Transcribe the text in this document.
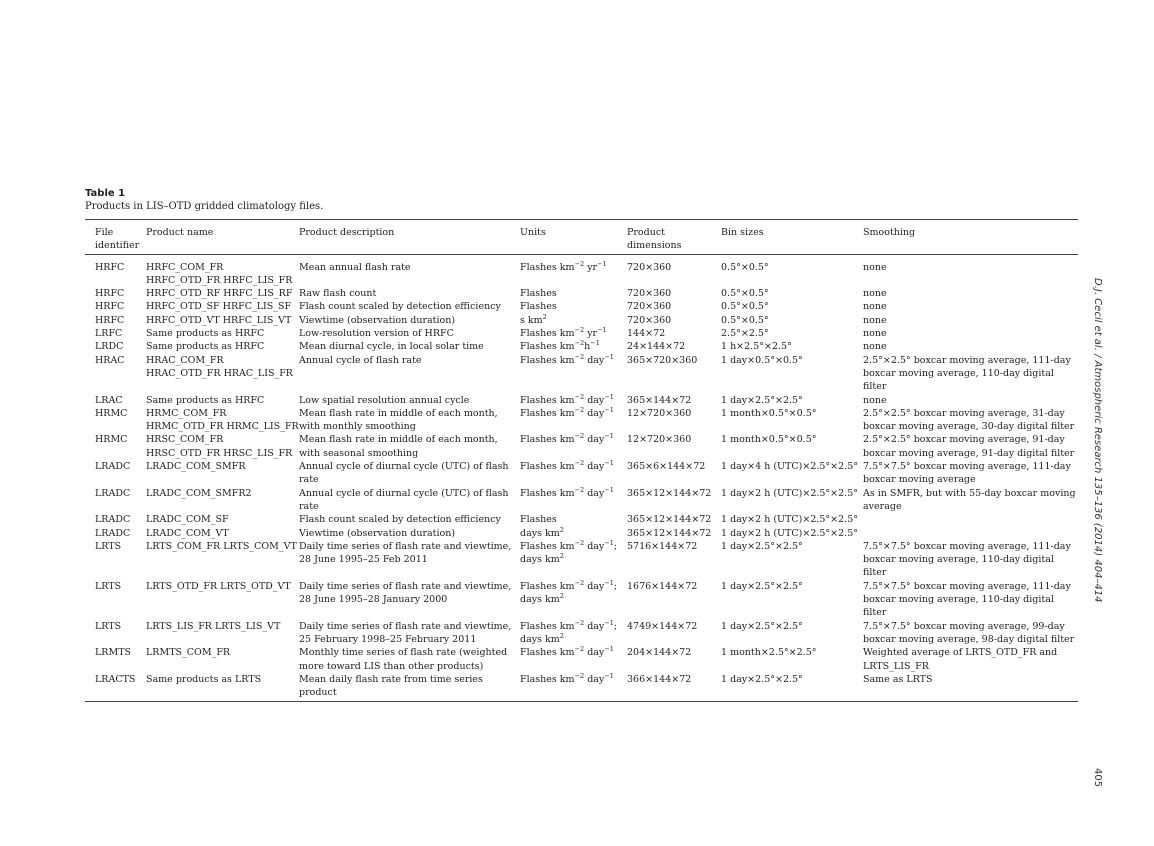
Table 1
Products in LIS–OTD gridded climatology files.
File identifier	Product name	Product description	Units	Product dimensions	Bin sizes	Smoothing
HRFC	HRFC_COM_FR HRFC_OTD_FR HRFC_LIS_FR	Mean annual flash rate	Flashes $km^{-2}$ $yr^{-1}$	720×360	0.5°×0.5°	none
HRFC	HRFC_OTD_RF HRFC_LIS_RF	Raw flash count	Flashes	720×360	0.5°×0.5°	none
HRFC	HRFC_OTD_SF HRFC_LIS_SF	Flash count scaled by detection efficiency	Flashes	720×360	0.5°×0.5°	none
HRFC	HRFC_OTD_VT HRFC_LIS_VT	Viewtime (observation duration)	s $km^2$	720×360	0.5°×0.5°	none
LRFC	Same products as HRFC	Low-resolution version of HRFC	Flashes $km^{-2}$ $yr^{-1}$	144×72	2.5°×2.5°	none
LRDC	Same products as HRFC	Mean diurnal cycle, in local solar time	Flashes $km^{-2}h^{-1}$	24×144×72	1 h×2.5°×2.5°	none
HRAC	HRAC_COM_FR HRAC_OTD_FR HRAC_LIS_FR	Annual cycle of flash rate	Flashes $km^{-2}$ day$^{-1}$	365×720×360	1 day×0.5°×0.5°	2.5°×2.5° boxcar moving average, 111-day boxcar moving average, 110-day digital filter
LRAC	Same products as HRFC	Low spatial resolution annual cycle	Flashes $km^{-2}$ day$^{-1}$	365×144×72	1 day×2.5°×2.5°	none
HRMC	HRMC_COM_FR HRMC_OTD_FR HRMC_LIS_FR	Mean flash rate in middle of each month, with monthly smoothing	Flashes $km^{-2}$ day$^{-1}$	12×720×360	1 month×0.5°×0.5°	2.5°×2.5° boxcar moving average, 31-day boxcar moving average, 30-day digital filter
HRMC	HRSC_COM_FR HRSC_OTD_FR HRSC_LIS_FR	Mean flash rate in middle of each month, with seasonal smoothing	Flashes $km^{-2}$ day$^{-1}$	12×720×360	1 month×0.5°×0.5°	2.5°×2.5° boxcar moving average, 91-day boxcar moving average, 91-day digital filter
LRADC	LRADC_COM_SMFR	Annual cycle of diurnal cycle (UTC) of flash rate	Flashes $km^{-2}$ day$^{-1}$	365×6×144×72	1 day×4 h (UTC)×2.5°×2.5°	7.5°×7.5° boxcar moving average, 111-day boxcar moving average
LRADC	LRADC_COM_SMFR2	Annual cycle of diurnal cycle (UTC) of flash rate	Flashes $km^{-2}$ day$^{-1}$	365×12×144×72	1 day×2 h (UTC)×2.5°×2.5°	As in SMFR, but with 55-day boxcar moving average
LRADC	LRADC_COM_SF	Flash count scaled by detection efficiency	Flashes	365×12×144×72	1 day×2 h (UTC)×2.5°×2.5°	
LRADC	LRADC_COM_VT	Viewtime (observation duration)	days $km^2$	365×12×144×72	1 day×2 h (UTC)×2.5°×2.5°	
LRTS	LRTS_COM_FR LRTS_COM_VT	Daily time series of flash rate and viewtime, 28 June 1995–25 Feb 2011	Flashes $km^{-2}$ day$^{-1}$; days $km^2$	5716×144×72	1 day×2.5°×2.5°	7.5°×7.5° boxcar moving average, 111-day boxcar moving average, 110-day digital filter
LRTS	LRTS_OTD_FR LRTS_OTD_VT	Daily time series of flash rate and viewtime, 28 June 1995–28 January 2000	Flashes $km^{-2}$ day$^{-1}$; days $km^2$	1676×144×72	1 day×2.5°×2.5°	7.5°×7.5° boxcar moving average, 111-day boxcar moving average, 110-day digital filter
LRTS	LRTS_LIS_FR LRTS_LIS_VT	Daily time series of flash rate and viewtime, 25 February 1998–25 February 2011	Flashes $km^{-2}$ day$^{-1}$; days $km^2$	4749×144×72	1 day×2.5°×2.5°	7.5°×7.5° boxcar moving average, 99-day boxcar moving average, 98-day digital filter
LRMTS	LRMTS_COM_FR	Monthly time series of flash rate (weighted more toward LIS than other products)	Flashes $km^{-2}$ day$^{-1}$	204×144×72	1 month×2.5°×2.5°	Weighted average of LRTS_OTD_FR and LRTS_LIS_FR
LRACTS	Same products as LRTS	Mean daily flash rate from time series product	Flashes $km^{-2}$ day$^{-1}$	366×144×72	1 day×2.5°×2.5°	Same as LRTS
D.J. Cecil et al. / Atmospheric Research 135–136 (2014) 404–414
405
